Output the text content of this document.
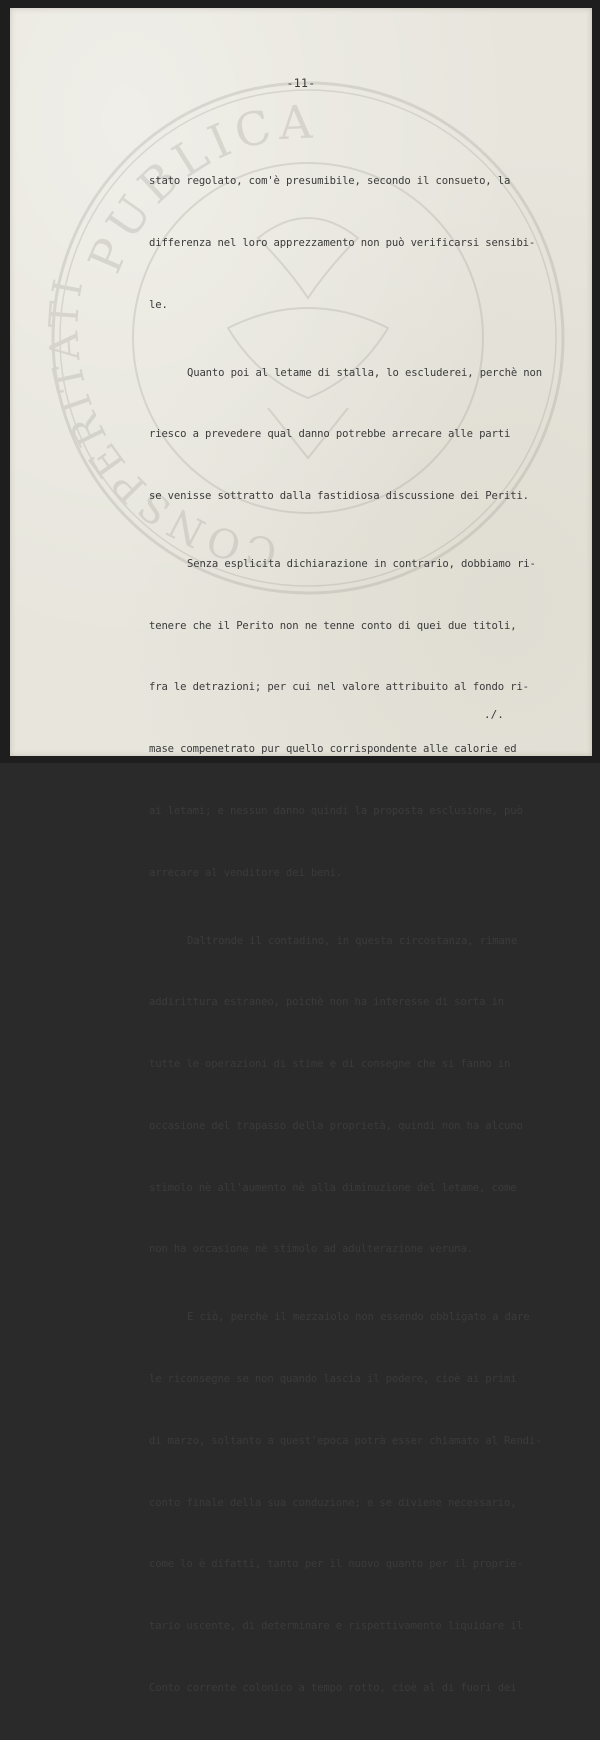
PUBLICA
CONSPERITATI
-11-

stato regolato, com'è presumibile, secondo il consueto, la

differenza nel loro apprezzamento non può verificarsi sensibi-

le.

Quanto poi al letame di stalla, lo escluderei, perchè non

riesco a prevedere qual danno potrebbe arrecare alle parti

se venisse sottratto dalla fastidiosa discussione dei Periti.

Senza esplicita dichiarazione in contrario, dobbiamo ri-

tenere che il Perito non ne tenne conto di quei due titoli,

fra le detrazioni; per cui nel valore attribuito al fondo ri-

mase compenetrato pur quello corrispondente alle calorie ed

ai letami; e nessun danno quindi la proposta esclusione, può

arrecare al venditore dei beni.

Daltronde il contadino, in questa circostanza, rimane

addirittura estraneo, poichè non ha interesse di sorta in

tutte le operazioni di stime e di consegne che si fanno in

occasione del trapasso della proprietà, quindi non ha alcuno

stimolo nè all'aumento nè alla diminuzione del letame, come

non ha occasione nè stimolo ad adulterazione veruna.

E ciò, perchè il mezzaiolo non essendo obbligato a dare

le riconsegne se non quando lascia il podere, cioè ai primi

di marzo, soltanto a quest'epoca potrà esser chiamato al Rendi-

conto finale della sua conduzione; e se diviene necessario,

come lo è difatti, tanto per il nuovo quanto per il proprie-

tario uscente, di determinare e rispettivamente liquidare il

Conto corrente colonico a tempo rotto, cioè al di fuori dei

./.
